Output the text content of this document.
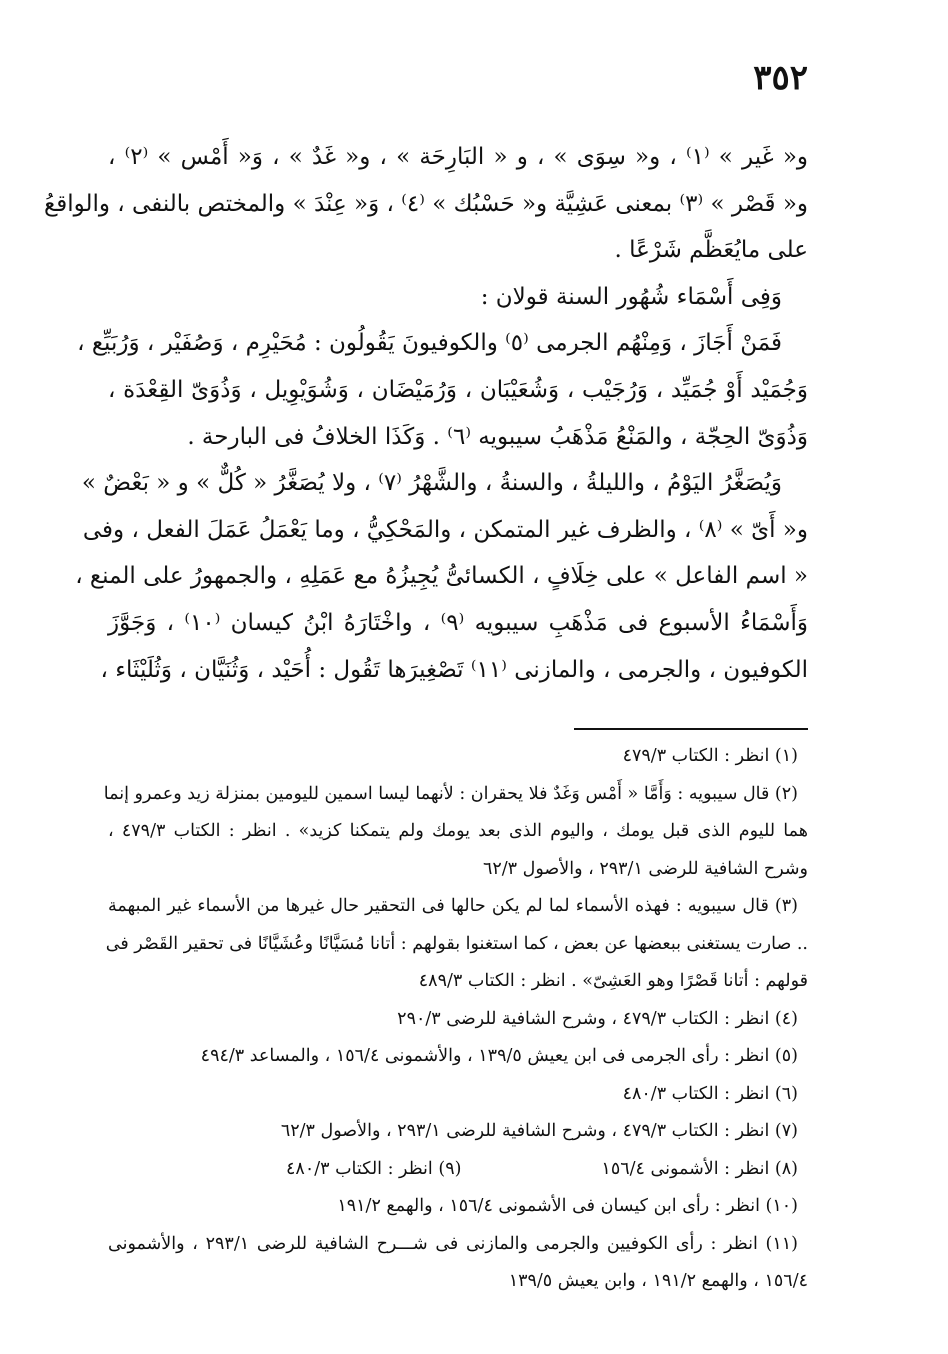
٣٥٢
و« غَير » ⁽١⁾ ، و« سِوَى » ، و « البَارِحَة » ، و« غَدٌ » ، وَ« أَمْس » ⁽٢⁾ ،
و« قَصْر » ⁽٣⁾ بمعنى عَشِيَّة و« حَسْبُك » ⁽٤⁾ ، وَ« عِنْدَ » والمختص بالنفى ، والواقعُ
على مايُعَظَّم شَرْعًا .
وَفِى أَسْمَاء شُهُور السنة قولان :
فَمَنْ أَجَازَ ، وَمِنْهُم الجرمى ⁽٥⁾ والكوفيونَ يَقُولُون : مُحَيْرِم ، وَصُفَيْر ، وَرُبَيِّع ،
وَجُمَيْد أَوْ جُمَيِّد ، وَرُجَيْب ، وَشُعَيْبَان ، وَرُمَيْضَان ، وَشُوَيْوِيل ، وَذُوَىّ القِعْدَة ،
وَذُوَىّ الحِجّة ، والمَنْعُ مَذْهَبُ سيبويه ⁽٦⁾ . وَكَذَا الخلافُ فى البارحة .
وَيُصَغَّرُ اليَوْمُ ، والليلةُ ، والسنةُ ، والشَّهْرُ ⁽٧⁾ ، ولا يُصَغَّرُ « كُلٌّ » و « بَعْضٌ »
و« أَىّ » ⁽٨⁾ ، والظرف غير المتمكن ، والمَحْكِيُّ ، وما يَعْمَلُ عَمَلَ الفعل ، وفى
« اسم الفاعل » على خِلَافٍ ، الكسائىُّ يُجِيزُهُ مع عَمَلِهِ ، والجمهورُ على المنع ،
وَأَسْمَاءُ الأسبوع فى مَذْهَبِ سيبويه ⁽٩⁾ ، واخْتَارَهُ ابْنُ كيسان ⁽١٠⁾ ، وَجَوَّزَ
الكوفيون ، والجرمى ، والمازنى ⁽١١⁾ تَصْغِيرَها تَقُول : أُحَيْد ، وَثُنَيَّان ، وَثُلَيْثَاء ،
(١) انظر : الكتاب ٤٧٩/٣
(٢) قال سيبويه : وَأَمَّا « أَمْس وَغَدٌ فلا يحقران : لأنهما ليسا اسمين لليومين بمنزلة زيد وعمرو إنما
هما لليوم الذى قبل يومك ، واليوم الذى بعد يومك ولم يتمكنا كزيد» . انظر : الكتاب ٤٧٩/٣ ،
وشرح الشافية للرضى ٢٩٣/١ ، والأصول ٦٢/٣
(٣) قال سيبويه : فهذه الأسماء لما لم يكن حالها فى التحقير حال غيرها من الأسماء غير المبهمة
.. صارت يستغنى ببعضها عن بعض ، كما استغنوا بقولهم : أتانا مُسَيَّانًا وعُشَيَّانًا فى تحقير القَصْر فى
قولهم : أتانا قَصْرًا وهو العَشِىّ» . انظر : الكتاب ٤٨٩/٣
(٤) انظر : الكتاب ٤٧٩/٣ ، وشرح الشافية للرضى ٢٩٠/٣
(٥) انظر : رأى الجرمى فى ابن يعيش ١٣٩/٥ ، والأشمونى ١٥٦/٤ ، والمساعد ٤٩٤/٣
(٦) انظر : الكتاب ٤٨٠/٣
(٧) انظر : الكتاب ٤٧٩/٣ ، وشرح الشافية للرضى ٢٩٣/١ ، والأصول ٦٢/٣
(٨) انظر : الأشمونى ١٥٦/٤
(٩) انظر : الكتاب ٤٨٠/٣
(١٠) انظر : رأى ابن كيسان فى الأشمونى ١٥٦/٤ ، والهمع ١٩١/٢
(١١) انظر : رأى الكوفيين والجرمى والمازنى فى شـــرح الشافية للرضى ٢٩٣/١ ، والأشمونى
١٥٦/٤ ، والهمع ١٩١/٢ ، وابن يعيش ١٣٩/٥
